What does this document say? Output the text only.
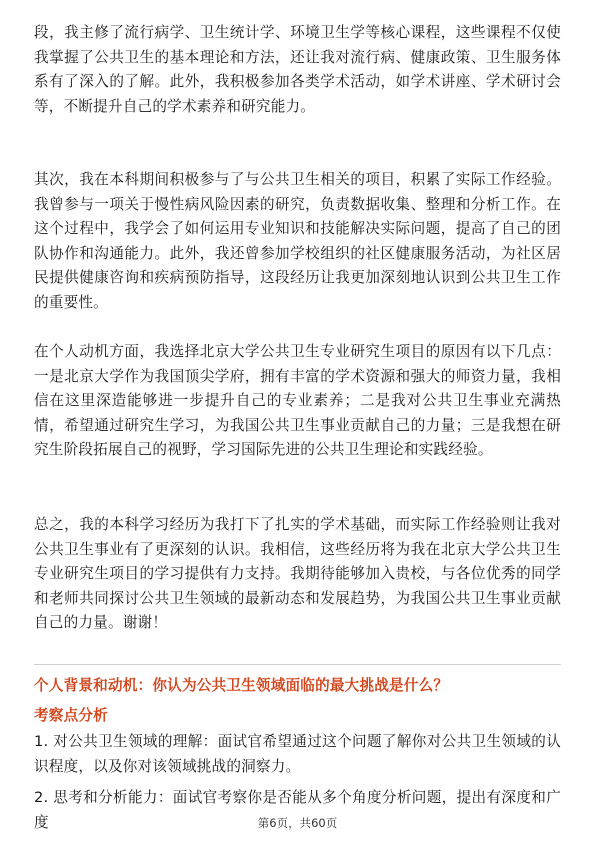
段，我主修了流行病学、卫生统计学、环境卫生学等核心课程，这些课程不仅使我掌握了公共卫生的基本理论和方法，还让我对流行病、健康政策、卫生服务体系有了深入的了解。此外，我积极参加各类学术活动，如学术讲座、学术研讨会等，不断提升自己的学术素养和研究能力。

其次，我在本科期间积极参与了与公共卫生相关的项目，积累了实际工作经验。我曾参与一项关于慢性病风险因素的研究，负责数据收集、整理和分析工作。在这个过程中，我学会了如何运用专业知识和技能解决实际问题，提高了自己的团队协作和沟通能力。此外，我还曾参加学校组织的社区健康服务活动，为社区居民提供健康咨询和疾病预防指导，这段经历让我更加深刻地认识到公共卫生工作的重要性。

在个人动机方面，我选择北京大学公共卫生专业研究生项目的原因有以下几点：一是北京大学作为我国顶尖学府，拥有丰富的学术资源和强大的师资力量，我相信在这里深造能够进一步提升自己的专业素养；二是我对公共卫生事业充满热情，希望通过研究生学习，为我国公共卫生事业贡献自己的力量；三是我想在研究生阶段拓展自己的视野，学习国际先进的公共卫生理论和实践经验。

总之，我的本科学习经历为我打下了扎实的学术基础，而实际工作经验则让我对公共卫生事业有了更深刻的认识。我相信，这些经历将为我在北京大学公共卫生专业研究生项目的学习提供有力支持。我期待能够加入贵校，与各位优秀的同学和老师共同探讨公共卫生领域的最新动态和发展趋势，为我国公共卫生事业贡献自己的力量。谢谢！

个人背景和动机：你认为公共卫生领域面临的最大挑战是什么？
考察点分析
1. 对公共卫生领域的理解：面试官希望通过这个问题了解你对公共卫生领域的认识程度，以及你对该领域挑战的洞察力。
2. 思考和分析能力：面试官考察你是否能从多个角度分析问题，提出有深度和广度	第6页，共60页
